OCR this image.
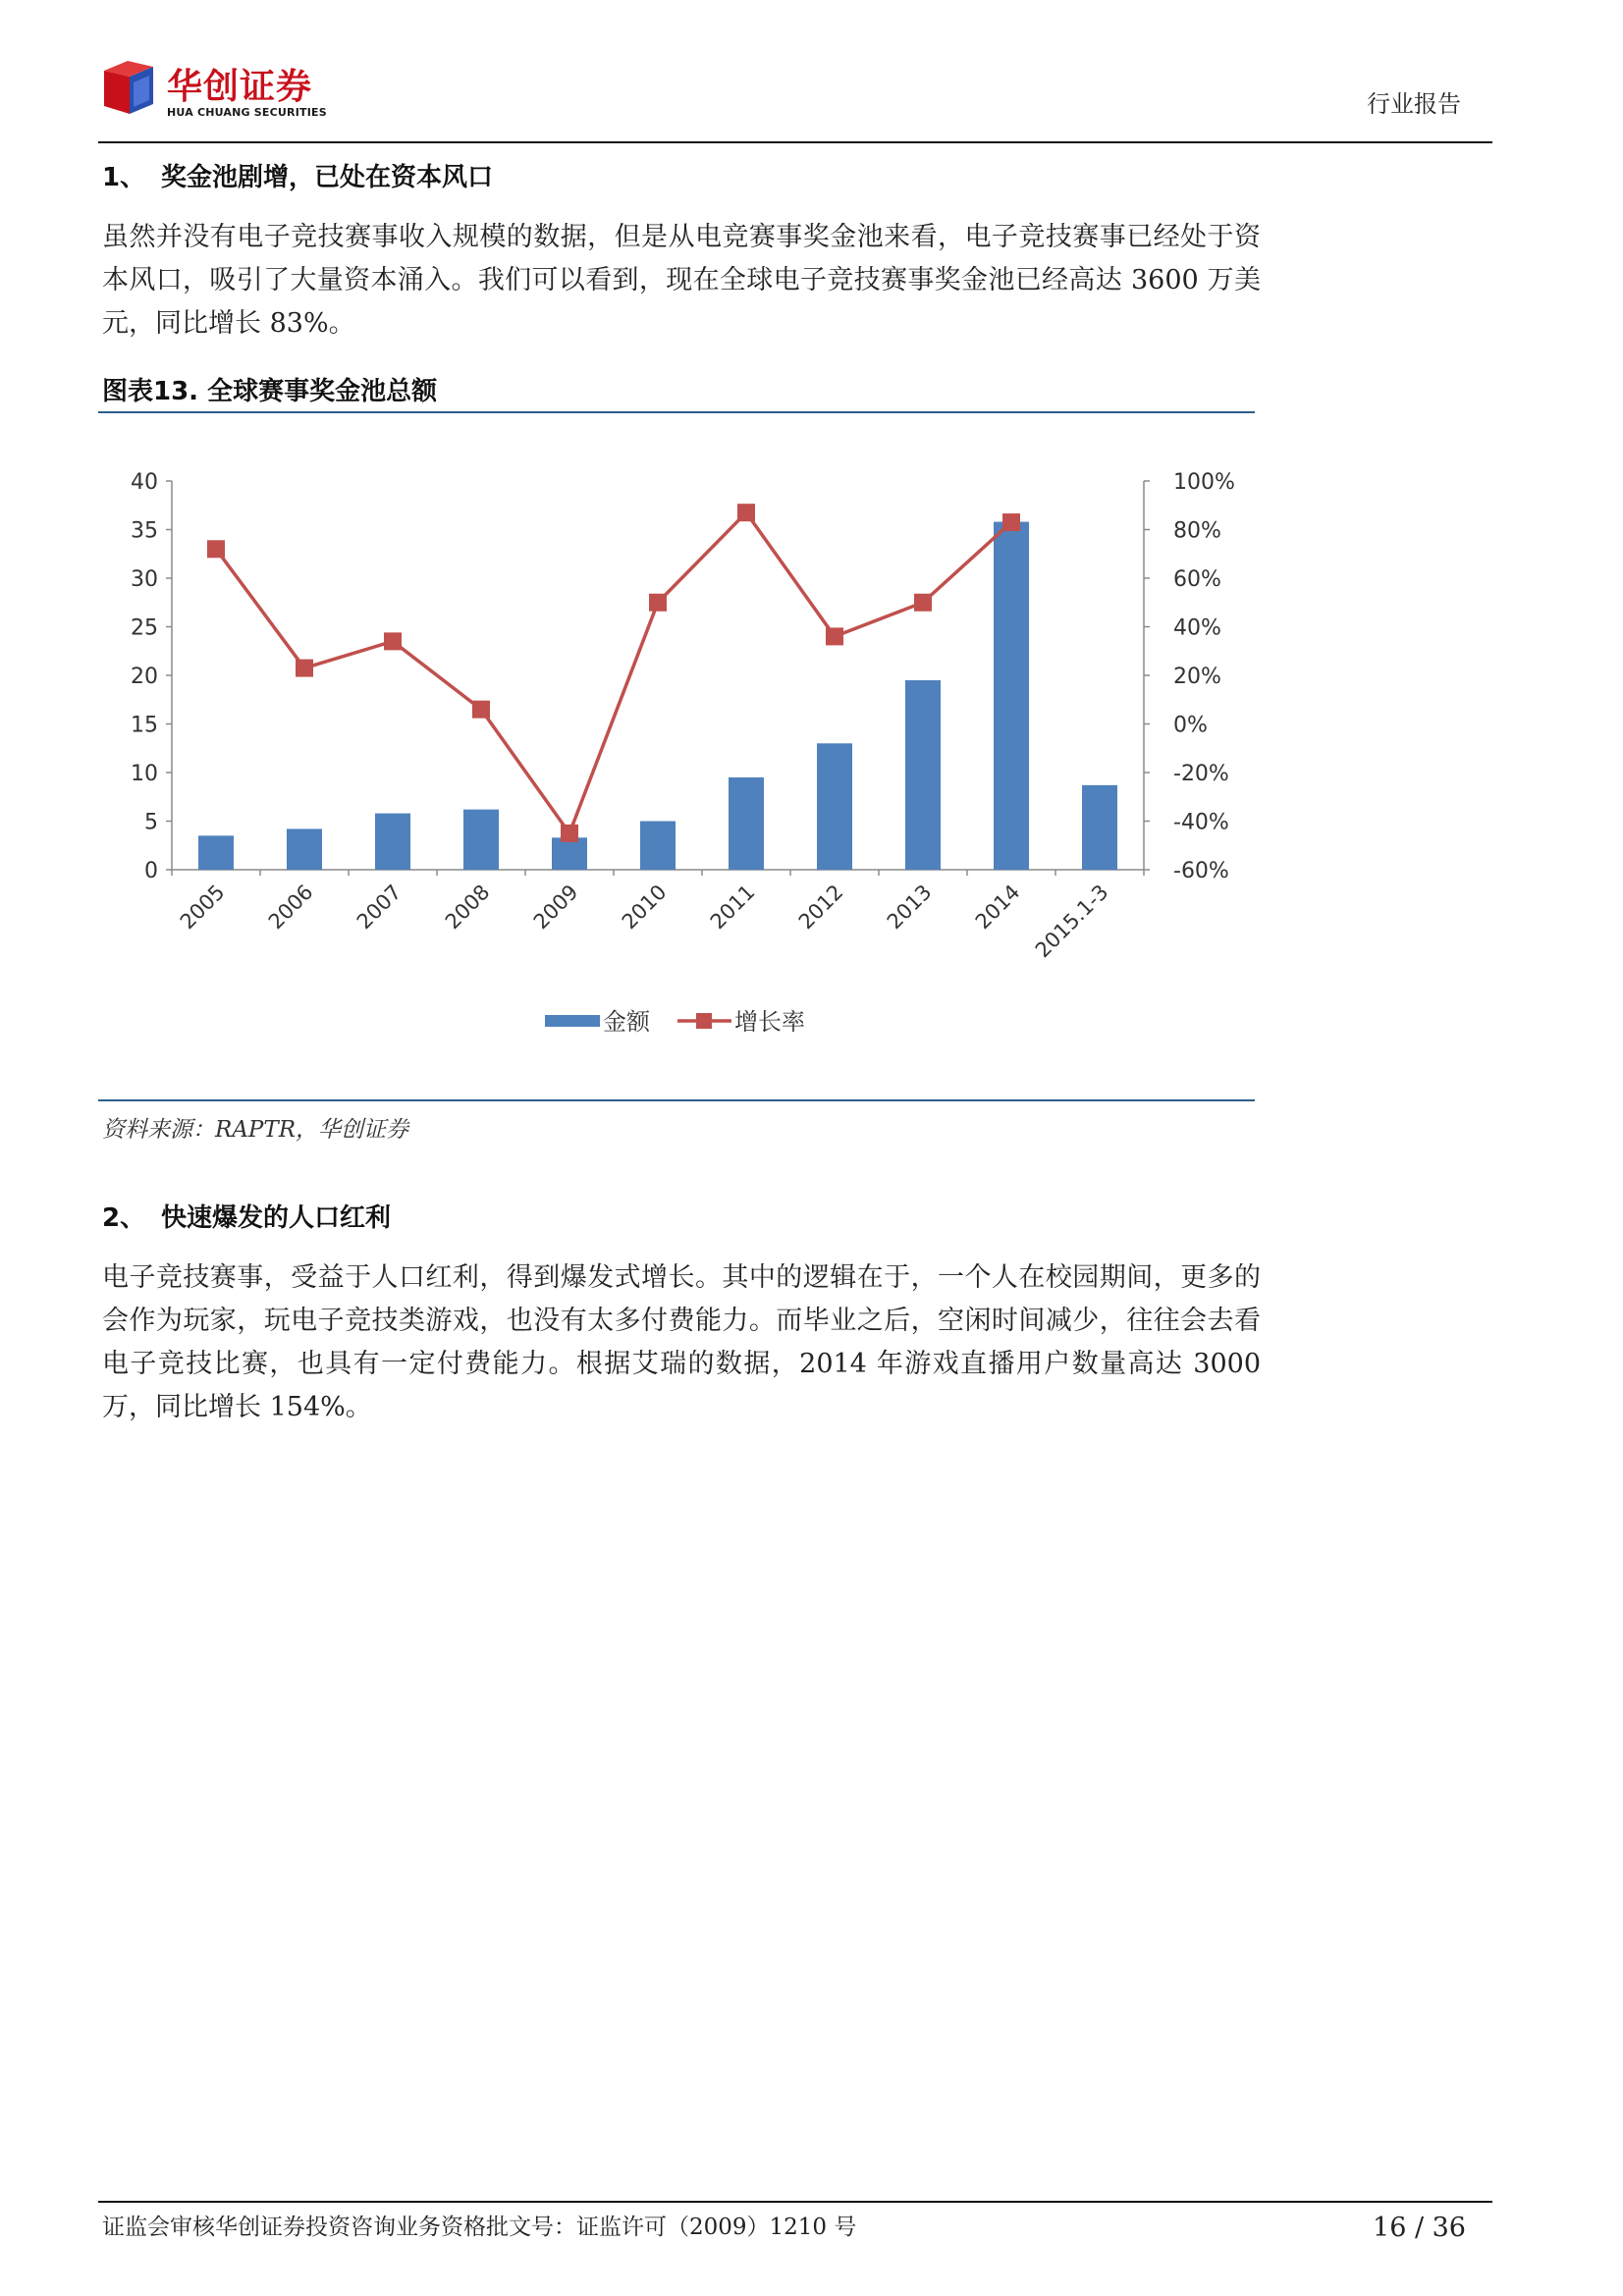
华创证券
HUA CHUANG SECURITIES	行业报告
1、 奖金池剧增，已处在资本风口
虽然并没有电子竞技赛事收入规模的数据，但是从电竞赛事奖金池来看，电子竞技赛事已经处于资本风口，吸引了大量资本涌入。我们可以看到，现在全球电子竞技赛事奖金池已经高达 3600 万美元，同比增长 83%。
图表13. 全球赛事奖金池总额
0
5
10
15
20
25
30
35
40
-60%
-40%
-20%
0%
20%
40%
60%
80%
100%
2005 2006 2007 2008 2009 2010 2011 2012 2013 2014 2015.1-3
金额	增长率
资料来源：RAPTR，华创证券
2、 快速爆发的人口红利
电子竞技赛事，受益于人口红利，得到爆发式增长。其中的逻辑在于，一个人在校园期间，更多的会作为玩家，玩电子竞技类游戏，也没有太多付费能力。而毕业之后，空闲时间减少，往往会去看电子竞技比赛，也具有一定付费能力。根据艾瑞的数据，2014 年游戏直播用户数量高达 3000 万，同比增长 154%。
证监会审核华创证券投资咨询业务资格批文号：证监许可（2009）1210 号	16 / 36
